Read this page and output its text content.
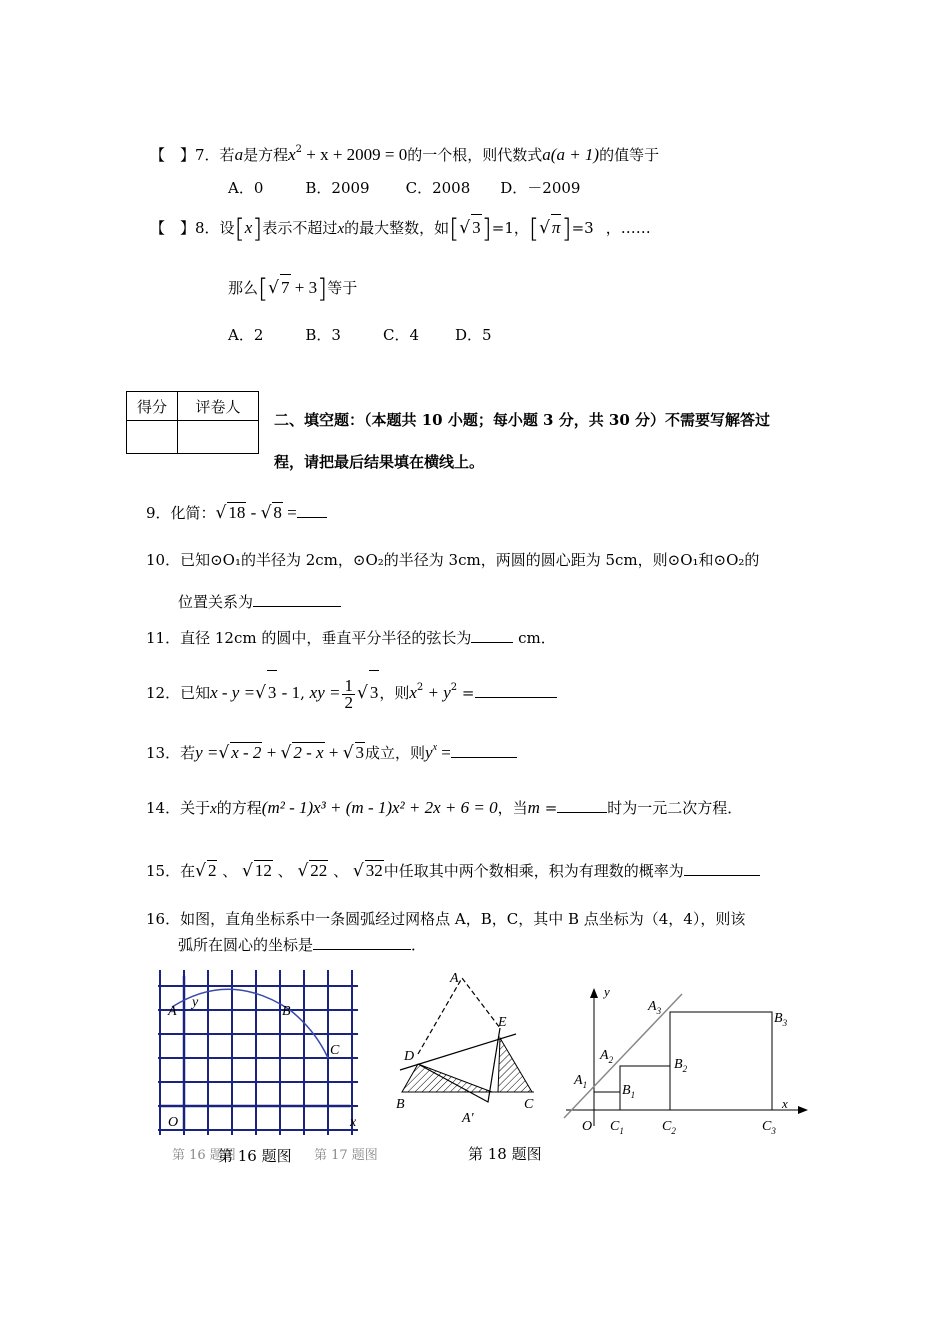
【　】7．若a是方程$x^2 + x + 2009 = 0$的一个根，则代数式a(a + 1)的值等于
A．0	B．2009 C．2008 D．－2009
【　】8．设[x]表示不超过x的最大整数，如[√ 3]=1，[√ π]=3 ，……
那么[√ 7 + 3]等于
A．2	B．3	C．4 D．5
得分	评卷人

二、填空题：（本题共 10 小题；每小题 3 分，共 30 分）不需要写解答过
程，请把最后结果填在横线上。
9．化简：√ 18 - √ 8 =
10．已知⊙O₁的半径为 2cm，⊙O₂的半径为 3cm，两圆的圆心距为 5cm，则⊙O₁和⊙O₂的
位置关系为
11．直径 12cm 的圆中，垂直平分半径的弦长为	cm．
12．已知x - y =√ 3 - 1, xy = $\frac{1}{2}$ √ 3，则$x^2 + y^2$ =
13．若y =√ x - 2 + √ 2 - x + √ 3成立，则$y^x$ =
14．关于x的方程(m² - 1)x³ + (m - 1)x² + 2x + 6 = 0，当m =	时为一元二次方程．
15．在√ 2 、 √ 12 、 √ 22 、 √ 32中任取其中两个数相乘，积为有理数的概率为
16．如图，直角坐标系中一条圆弧经过网格点 A，B，C，其中 B 点坐标为（4，4），则该
弧所在圆心的坐标是	．
A
y
B
C
O	x
A
E
D
B	C
A'
O
y
x
$A_1$
$A_2$
$A_3$
$B_1$
$B_2$
$B_3$
$C_1$	$C_2$	$C_3$
第 16 题图
第 16 题图 第 17 题图	第 18 题图
